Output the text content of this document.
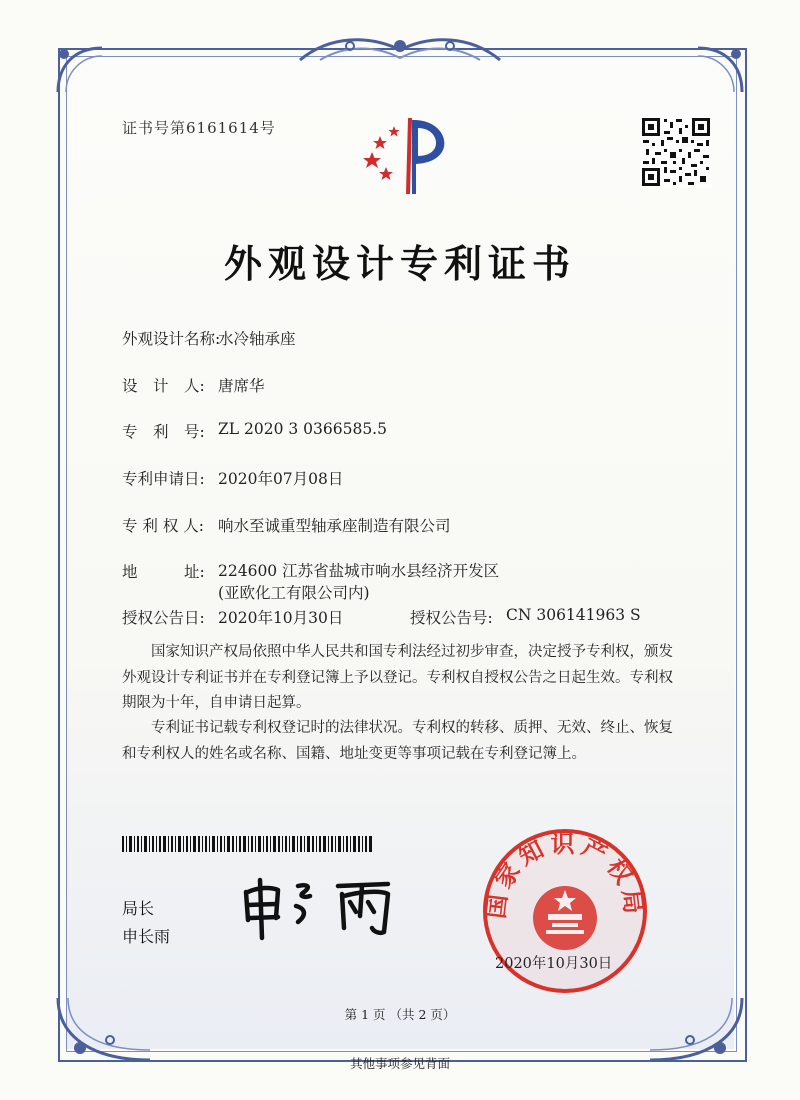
证书号第6161614号
外观设计专利证书
外观设计名称:
水冷轴承座
设　计　人: 唐席华
专　利　号: ZL 2020 3 0366585.5
专利申请日: 2020年07月08日
专 利 权 人: 响水至诚重型轴承座制造有限公司
地　　　址: 224600 江苏省盐城市响水县经济开发区(亚欧化工有限公司内)
授权公告日: 2020年10月30日	授权公告号: CN 306141963 S
国家知识产权局依照中华人民共和国专利法经过初步审查，决定授予专利权，颁发外观设计专利证书并在专利登记簿上予以登记。专利权自授权公告之日起生效。专利权期限为十年，自申请日起算。
专利证书记载专利权登记时的法律状况。专利权的转移、质押、无效、终止、恢复和专利权人的姓名或名称、国籍、地址变更等事项记载在专利登记簿上。
局长
申长雨
国家知识产权局
2020年10月30日
第 1 页 （共 2 页）
其他事项参见背面
